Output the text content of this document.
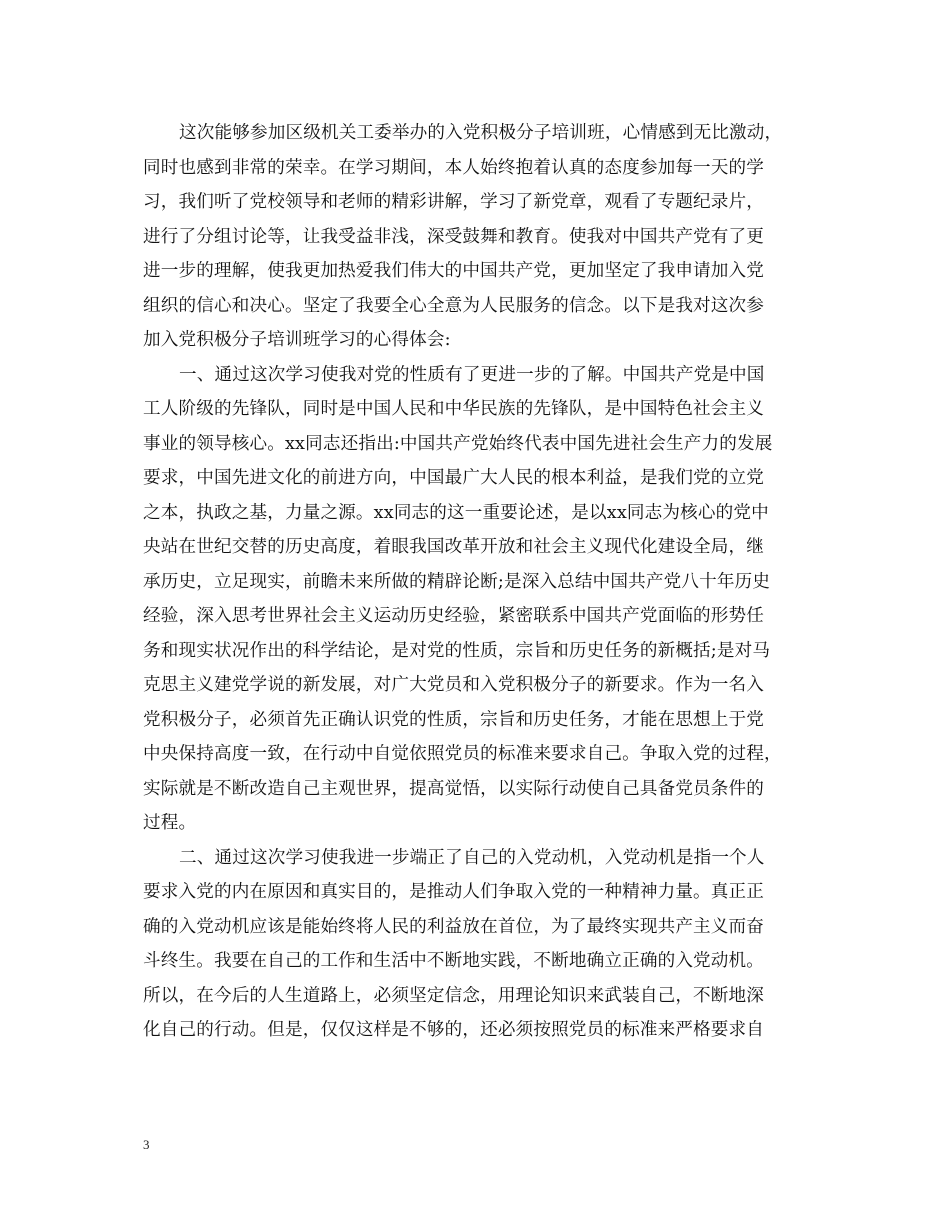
这次能够参加区级机关工委举办的入党积极分子培训班，心情感到无比激动，
同时也感到非常的荣幸。在学习期间，本人始终抱着认真的态度参加每一天的学
习，我们听了党校领导和老师的精彩讲解，学习了新党章，观看了专题纪录片，
进行了分组讨论等，让我受益非浅，深受鼓舞和教育。使我对中国共产党有了更
进一步的理解，使我更加热爱我们伟大的中国共产党，更加坚定了我申请加入党
组织的信心和决心。坚定了我要全心全意为人民服务的信念。以下是我对这次参
加入党积极分子培训班学习的心得体会:
一、通过这次学习使我对党的性质有了更进一步的了解。中国共产党是中国
工人阶级的先锋队，同时是中国人民和中华民族的先锋队，是中国特色社会主义
事业的领导核心。xx同志还指出:中国共产党始终代表中国先进社会生产力的发展
要求，中国先进文化的前进方向，中国最广大人民的根本利益，是我们党的立党
之本，执政之基，力量之源。xx同志的这一重要论述，是以xx同志为核心的党中
央站在世纪交替的历史高度，着眼我国改革开放和社会主义现代化建设全局，继
承历史，立足现实，前瞻未来所做的精辟论断;是深入总结中国共产党八十年历史
经验，深入思考世界社会主义运动历史经验，紧密联系中国共产党面临的形势任
务和现实状况作出的科学结论，是对党的性质，宗旨和历史任务的新概括;是对马
克思主义建党学说的新发展，对广大党员和入党积极分子的新要求。作为一名入
党积极分子，必须首先正确认识党的性质，宗旨和历史任务，才能在思想上于党
中央保持高度一致，在行动中自觉依照党员的标准来要求自己。争取入党的过程，
实际就是不断改造自己主观世界，提高觉悟，以实际行动使自己具备党员条件的
过程。
二、通过这次学习使我进一步端正了自己的入党动机，入党动机是指一个人
要求入党的内在原因和真实目的，是推动人们争取入党的一种精神力量。真正正
确的入党动机应该是能始终将人民的利益放在首位，为了最终实现共产主义而奋
斗终生。我要在自己的工作和生活中不断地实践，不断地确立正确的入党动机。
所以，在今后的人生道路上，必须坚定信念，用理论知识来武装自己，不断地深
化自己的行动。但是，仅仅这样是不够的，还必须按照党员的标准来严格要求自
3
